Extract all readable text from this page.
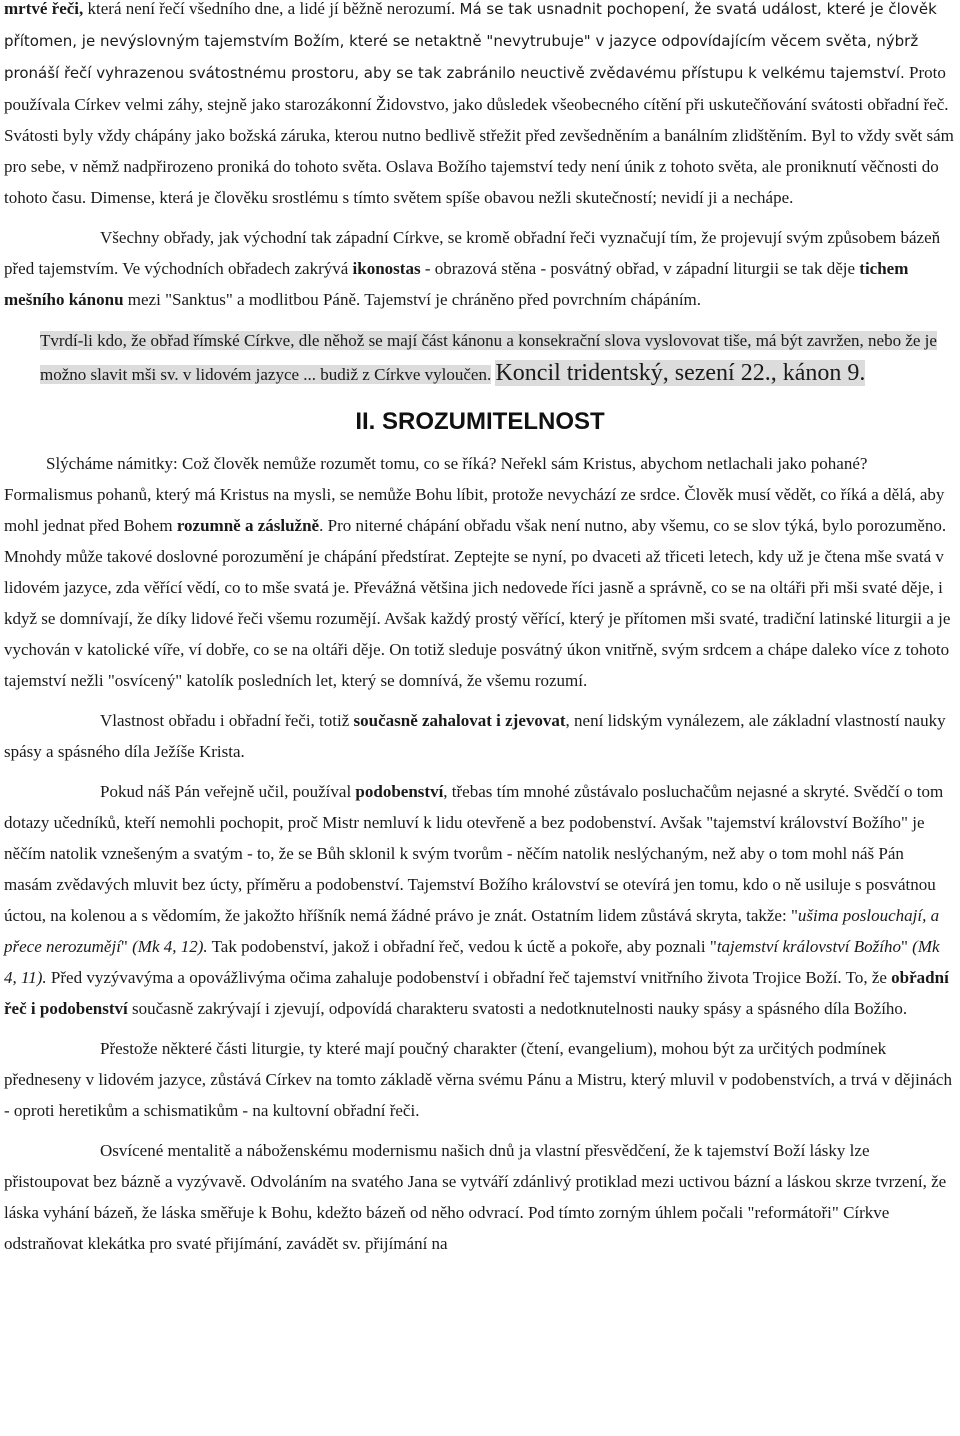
mrtvé řeči, která není řečí všedního dne, a lidé jí běžně nerozumí. Má se tak usnadnit pochopení, že svatá událost, které je člověk přítomen, je nevýslovným tajemstvím Božím, které se netaktně "nevytrubuje" v jazyce odpovídajícím věcem světa, nýbrž pronáší řečí vyhrazenou svátostnému prostoru, aby se tak zabránilo neuctivě zvědavému přístupu k velkému tajemství. Proto používala Církev velmi záhy, stejně jako starozákonní Židovstvo, jako důsledek všeobecného cítění při uskutečňování svátosti obřadní řeč. Svátosti byly vždy chápány jako božská záruka, kterou nutno bedlivě střežit před zevšedněním a banálním zlidštěním. Byl to vždy svět sám pro sebe, v němž nadpřirozeno proniká do tohoto světa. Oslava Božího tajemství tedy není únik z tohoto světa, ale proniknutí věčnosti do tohoto času. Dimense, která je člověku srostlému s tímto světem spíše obavou nežli skutečností; nevidí ji a nechápe.

Všechny obřady, jak východní tak západní Církve, se kromě obřadní řeči vyznačují tím, že projevují svým způsobem bázeň před tajemstvím. Ve východních obřadech zakrývá ikonostas - obrazová stěna - posvátný obřad, v západní liturgii se tak děje tichem mešního kánonu mezi "Sanktus" a modlitbou Páně. Tajemství je chráněno před povrchním chápáním.

Tvrdí-li kdo, že obřad římské Církve, dle něhož se mají část kánonu a konsekrační slova vyslovovat tiše, má být zavržen, nebo že je možno slavit mši sv. v lidovém jazyce ... budiž z Církve vyloučen. Koncil tridentský, sezení 22., kánon 9.

II. SROZUMITELNOST

Slýcháme námitky: Což člověk nemůže rozumět tomu, co se říká? Neřekl sám Kristus, abychom netlachali jako pohané? Formalismus pohanů, který má Kristus na mysli, se nemůže Bohu líbit, protože nevychází ze srdce. Člověk musí vědět, co říká a dělá, aby mohl jednat před Bohem rozumně a záslužně. Pro niterné chápání obřadu však není nutno, aby všemu, co se slov týká, bylo porozuměno. Mnohdy může takové doslovné porozumění je chápání předstírat. Zeptejte se nyní, po dvaceti až třiceti letech, kdy už je čtena mše svatá v lidovém jazyce, zda věřící vědí, co to mše svatá je. Převážná většina jich nedovede říci jasně a správně, co se na oltáři při mši svaté děje, i když se domnívají, že díky lidové řeči všemu rozumějí. Avšak každý prostý věřící, který je přítomen mši svaté, tradiční latinské liturgii a je vychován v katolické víře, ví dobře, co se na oltáři děje. On totiž sleduje posvátný úkon vnitřně, svým srdcem a chápe daleko více z tohoto tajemství nežli "osvícený" katolík posledních let, který se domnívá, že všemu rozumí.

Vlastnost obřadu i obřadní řeči, totiž současně zahalovat i zjevovat, není lidským vynálezem, ale základní vlastností nauky spásy a spásného díla Ježíše Krista.

Pokud náš Pán veřejně učil, používal podobenství, třebas tím mnohé zůstávalo posluchačům nejasné a skryté. Svědčí o tom dotazy učedníků, kteří nemohli pochopit, proč Mistr nemluví k lidu otevřeně a bez podobenství. Avšak "tajemství království Božího" je něčím natolik vznešeným a svatým - to, že se Bůh sklonil k svým tvorům - něčím natolik neslýchaným, než aby o tom mohl náš Pán masám zvědavých mluvit bez úcty, příměru a podobenství. Tajemství Božího království se otevírá jen tomu, kdo o ně usiluje s posvátnou úctou, na kolenou a s vědomím, že jakožto hříšník nemá žádné právo je znát. Ostatním lidem zůstává skryta, takže: "ušima poslouchají, a přece nerozumějí" (Mk 4, 12). Tak podobenství, jakož i obřadní řeč, vedou k úctě a pokoře, aby poznali "tajemství království Božího" (Mk 4, 11). Před vyzývavýma a opovážlivýma očima zahaluje podobenství i obřadní řeč tajemství vnitřního života Trojice Boží. To, že obřadní řeč i podobenství současně zakrývají i zjevují, odpovídá charakteru svatosti a nedotknutelnosti nauky spásy a spásného díla Božího.

Přestože některé části liturgie, ty které mají poučný charakter (čtení, evangelium), mohou být za určitých podmínek předneseny v lidovém jazyce, zůstává Církev na tomto základě věrna svému Pánu a Mistru, který mluvil v podobenstvích, a trvá v dějinách - oproti heretikům a schismatikům - na kultovní obřadní řeči.

Osvícené mentalitě a náboženskému modernismu našich dnů ja vlastní přesvědčení, že k tajemství Boží lásky lze přistoupovat bez bázně a vyzývavě. Odvoláním na svatého Jana se vytváří zdánlivý protiklad mezi uctivou bázní a láskou skrze tvrzení, že láska vyhání bázeň, že láska směřuje k Bohu, kdežto bázeň od něho odvrací. Pod tímto zorným úhlem počali "reformátoři" Církve odstraňovat klekátka pro svaté přijímání, zavádět sv. přijímání na
